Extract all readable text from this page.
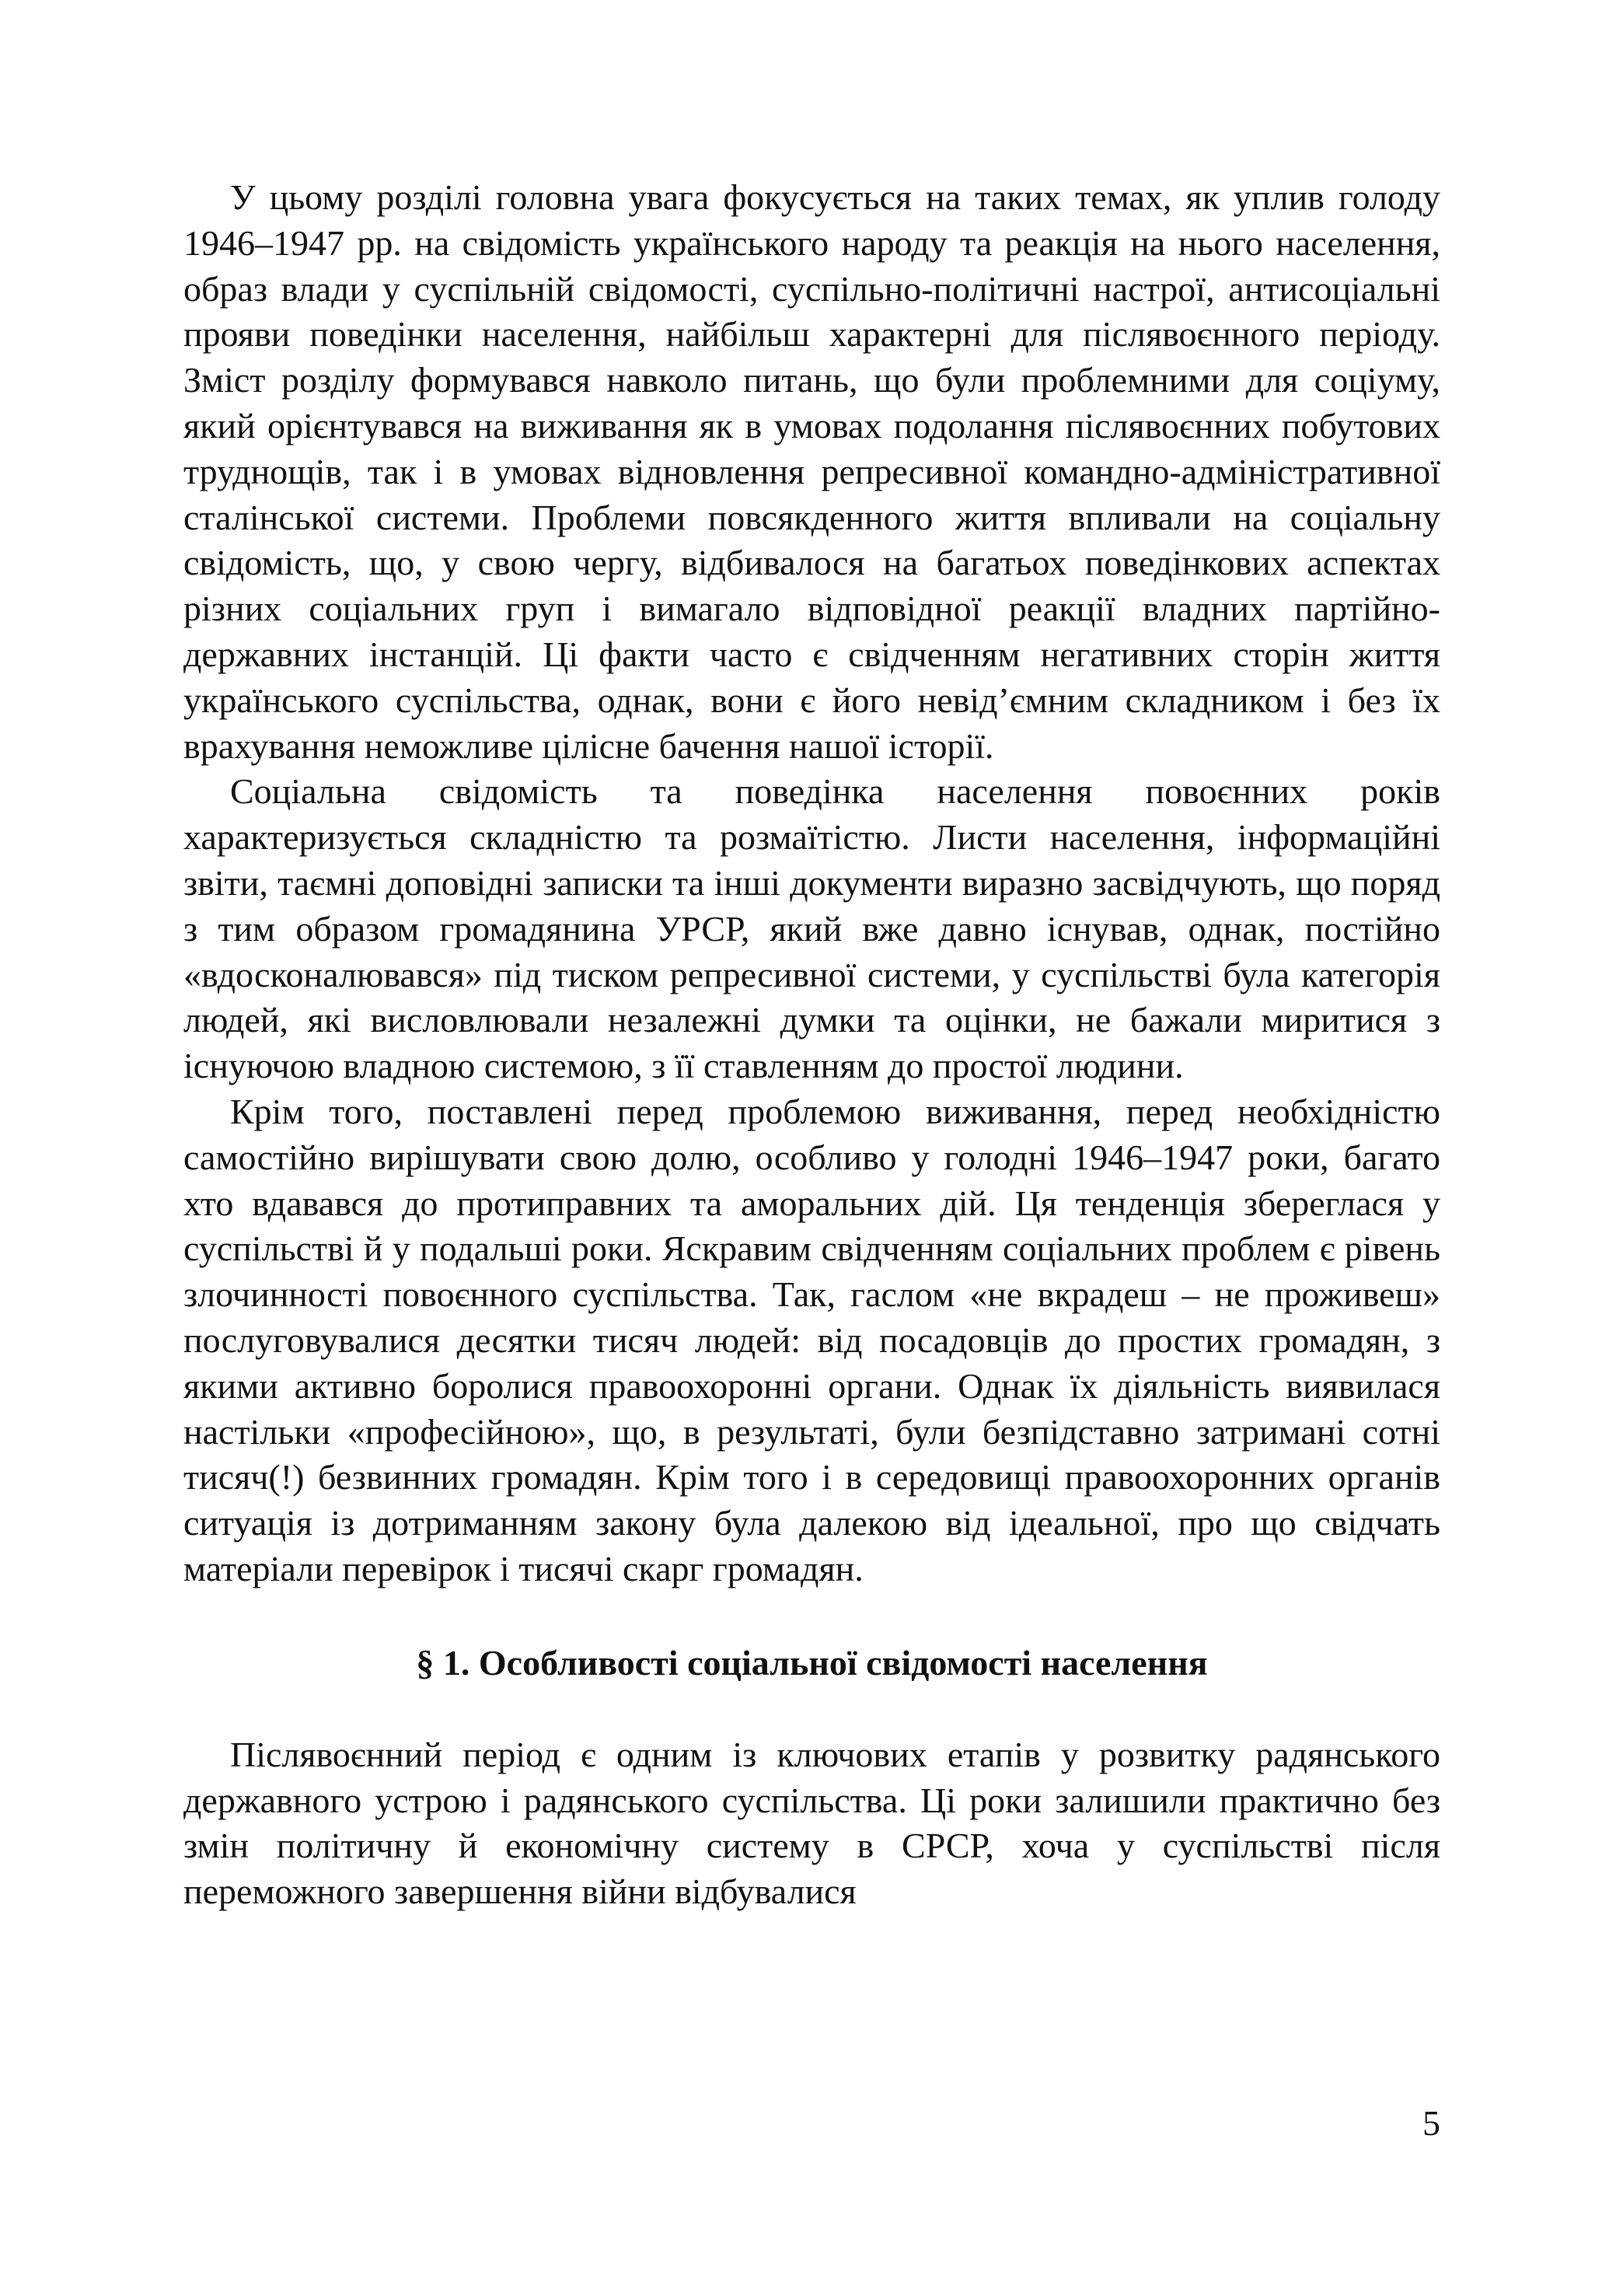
У цьому розділі головна увага фокусується на таких темах, як уплив голоду 1946–1947 рр. на свідомість українського народу та реакція на нього населення, образ влади у суспільній свідомості, суспільно-політичні настрої, антисоціальні прояви поведінки населення, найбільш характерні для післявоєнного періоду. Зміст розділу формувався навколо питань, що були проблемними для соціуму, який орієнтувався на виживання як в умовах подолання післявоєнних побутових труднощів, так і в умовах відновлення репресивної командно-адміністративної сталінської системи. Проблеми повсякденного життя впливали на соціальну свідомість, що, у свою чергу, відбивалося на багатьох поведінкових аспектах різних соціальних груп і вимагало відповідної реакції владних партійно-державних інстанцій. Ці факти часто є свідченням негативних сторін життя українського суспільства, однак, вони є його невід’ємним складником і без їх врахування неможливе цілісне бачення нашої історії.

Соціальна свідомість та поведінка населення повоєнних років характеризується складністю та розмаїтістю. Листи населення, інформаційні звіти, таємні доповідні записки та інші документи виразно засвідчують, що поряд з тим образом громадянина УРСР, який вже давно існував, однак, постійно «вдосконалювався» під тиском репресивної системи, у суспільстві була категорія людей, які висловлювали незалежні думки та оцінки, не бажали миритися з існуючою владною системою, з її ставленням до простої людини.

Крім того, поставлені перед проблемою виживання, перед необхідністю самостійно вирішувати свою долю, особливо у голодні 1946–1947 роки, багато хто вдавався до протиправних та аморальних дій. Ця тенденція збереглася у суспільстві й у подальші роки. Яскравим свідченням соціальних проблем є рівень злочинності повоєнного суспільства. Так, гаслом «не вкрадеш – не проживеш» послуговувалися десятки тисяч людей: від посадовців до простих громадян, з якими активно боролися правоохоронні органи. Однак їх діяльність виявилася настільки «професійною», що, в результаті, були безпідставно затримані сотні тисяч(!) безвинних громадян. Крім того і в середовищі правоохоронних органів ситуація із дотриманням закону була далекою від ідеальної, про що свідчать матеріали перевірок і тисячі скарг громадян.

§ 1. Особливості соціальної свідомості населення

Післявоєнний період є одним із ключових етапів у розвитку радянського державного устрою і радянського суспільства. Ці роки залишили практично без змін політичну й економічну систему в СРСР, хоча у суспільстві після переможного завершення війни відбувалися

5
